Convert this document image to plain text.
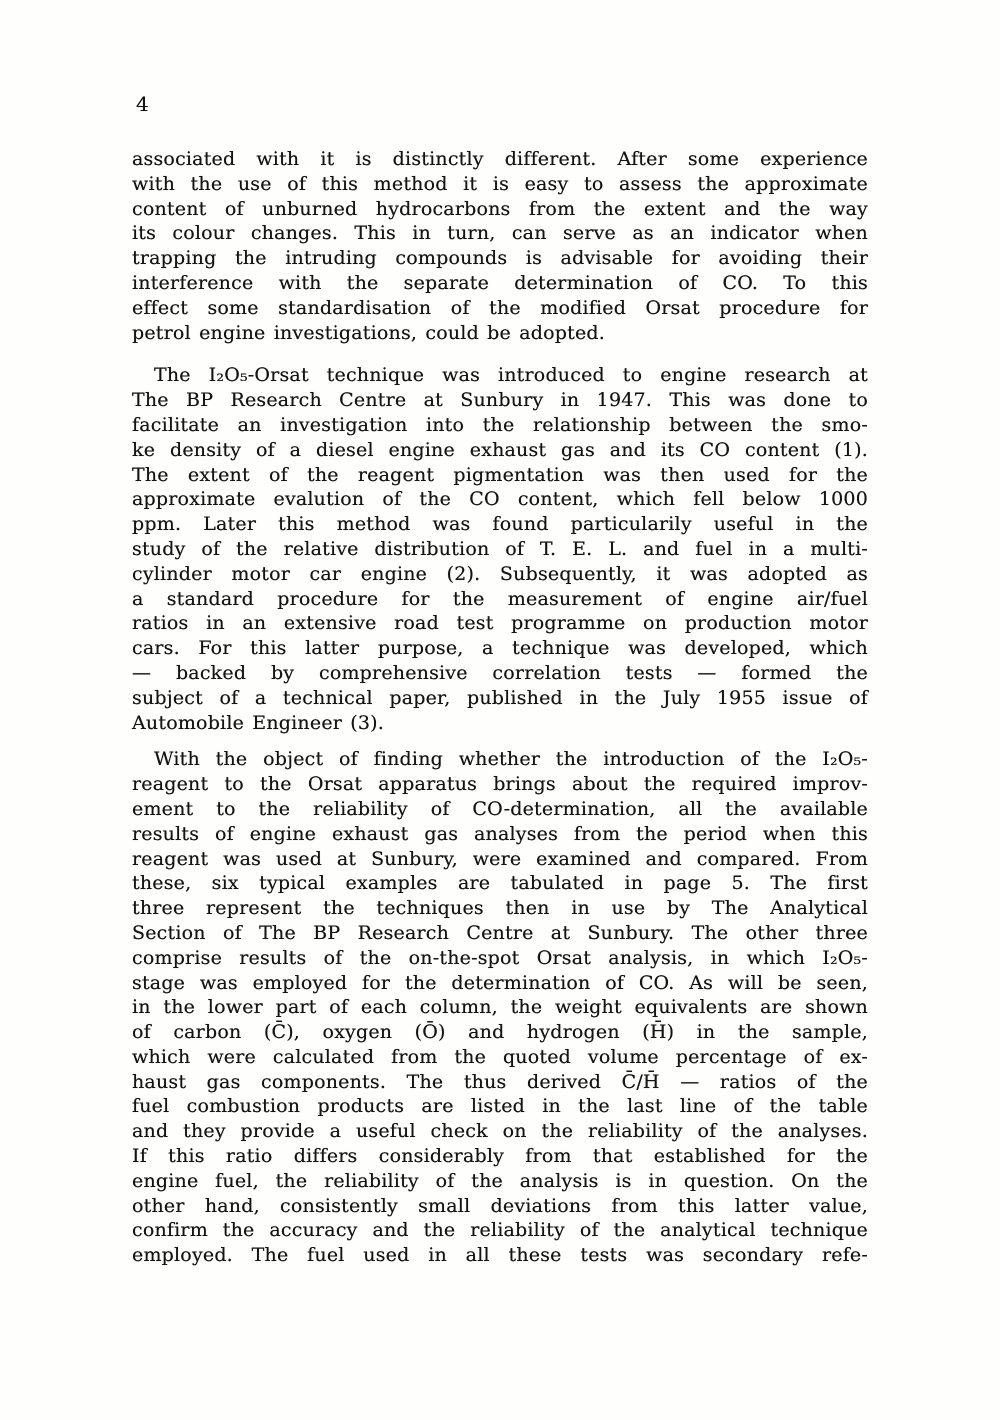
4
associated with it is distinctly different. After some experience
with the use of this method it is easy to assess the approximate
content of unburned hydrocarbons from the extent and the way
its colour changes. This in turn, can serve as an indicator when
trapping the intruding compounds is advisable for avoiding their
interference with the separate determination of CO. To this
effect some standardisation of the modified Orsat procedure for
petrol engine investigations, could be adopted.
The I₂O₅-Orsat technique was introduced to engine research at
The BP Research Centre at Sunbury in 1947. This was done to
facilitate an investigation into the relationship between the smo-
ke density of a diesel engine exhaust gas and its CO content (1).
The extent of the reagent pigmentation was then used for the
approximate evalution of the CO content, which fell below 1000
ppm. Later this method was found particularily useful in the
study of the relative distribution of T. E. L. and fuel in a multi-
cylinder motor car engine (2). Subsequently, it was adopted as
a standard procedure for the measurement of engine air/fuel
ratios in an extensive road test programme on production motor
cars. For this latter purpose, a technique was developed, which
— backed by comprehensive correlation tests — formed the
subject of a technical paper, published in the July 1955 issue of
Automobile Engineer (3).
With the object of finding whether the introduction of the I₂O₅-
reagent to the Orsat apparatus brings about the required improv-
ement to the reliability of CO-determination, all the available
results of engine exhaust gas analyses from the period when this
reagent was used at Sunbury, were examined and compared. From
these, six typical examples are tabulated in page 5. The first
three represent the techniques then in use by The Analytical
Section of The BP Research Centre at Sunbury. The other three
comprise results of the on-the-spot Orsat analysis, in which I₂O₅-
stage was employed for the determination of CO. As will be seen,
in the lower part of each column, the weight equivalents are shown
of carbon (C̄), oxygen (Ō) and hydrogen (H̄) in the sample,
which were calculated from the quoted volume percentage of ex-
haust gas components. The thus derived C̄/H̄ — ratios of the
fuel combustion products are listed in the last line of the table
and they provide a useful check on the reliability of the analyses.
If this ratio differs considerably from that established for the
engine fuel, the reliability of the analysis is in question. On the
other hand, consistently small deviations from this latter value,
confirm the accuracy and the reliability of the analytical technique
employed. The fuel used in all these tests was secondary refe-
